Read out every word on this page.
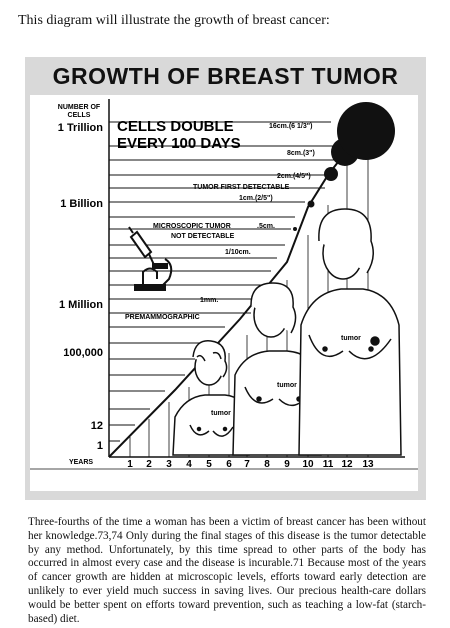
This diagram will illustrate the growth of breast cancer:
GROWTH OF BREAST TUMOR
NUMBER OF
CELLS
1 Trillion
1 Billion
1 Million
100,000
12
1
CELLS DOUBLE
EVERY 100 DAYS
16cm.(6 1/3")
8cm.(3")
2cm.(4/5")
TUMOR FIRST DETECTABLE
1cm.(2/5")
MICROSCOPIC TUMOR	.5cm.
NOT DETECTABLE
1/10cm.
1mm.
PREMAMMOGRAPHIC
tumor
tumor
tumor
YEARS	1 2 3 4 5 6 7 8 9 10 11 12 13
Three-fourths of the time a woman has been a victim of breast cancer has been without her knowledge.73,74 Only during the final stages of this disease is the tumor detectable by any method. Unfortunately, by this time spread to other parts of the body has occurred in almost every case and the disease is incurable.71 Because most of the years of cancer growth are hidden at microscopic levels, efforts toward early detection are unlikely to ever yield much success in saving lives. Our precious health-care dollars would be better spent on efforts toward prevention, such as teaching a low-fat (starch-based) diet.
